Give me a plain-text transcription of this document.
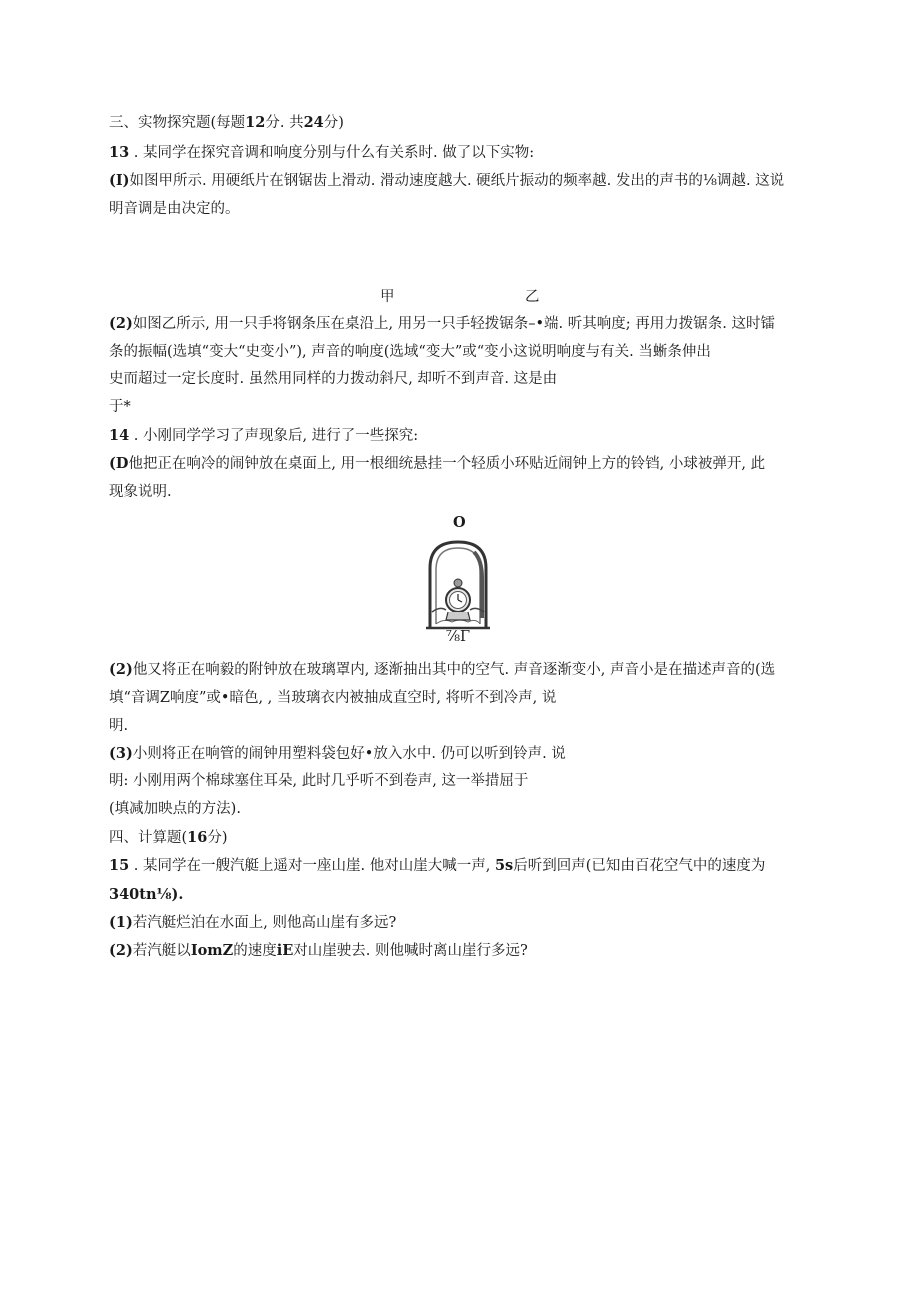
三、实物探究题(每题12分. 共24分)
13 . 某同学在探究音调和响度分别与什么有关系时. 做了以下实物:
(I)如图甲所示. 用硬纸片在钢锯齿上滑动. 滑动速度越大. 硬纸片振动的频率越. 发出的声书的⅛调越. 这说
明音调是由决定的。
甲	乙
(2)如图乙所示, 用一只手将钢条压在桌沿上, 用另一只手轻拨锯条–•端. 听其响度; 再用力拨锯条. 这时镭
条的振幅(选填“变大“史变小”), 声音的响度(选域“变大”或“变小这说明响度与有关. 当蜥条伸出
史而超过一定长度时. 虽然用同样的力拨动斜尺, 却听不到声音. 这是由
于*
14 . 小刚同学学习了声现象后, 进行了一些探究:
(D他把正在响冷的闹钟放在桌面上, 用一根细统悬挂一个轻质小环贴近闹钟上方的铃铛, 小球被弹开, 此
现象说明.
O
⅞Γ
(2)他又将正在响毅的附钟放在玻璃罩内, 逐渐抽出其中的空气. 声音逐渐变小, 声音小是在描述声音的(选
填“音调Z响度”或•暗色, , 当玻璃衣内被抽成直空时, 将听不到冷声, 说
明.
(3)小则将正在响管的闹钟用塑料袋包好•放入水中. 仍可以听到铃声. 说
明: 小刚用两个棉球塞住耳朵, 此时几乎听不到卷声, 这一举措屈于
(填减加映点的方法).
四、计算题(16分)
15 . 某同学在一艘汽艇上遥对一座山崖. 他对山崖大喊一声, 5s后听到回声(已知由百花空气中的速度为
340tn⅛).
(1)若汽艇烂泊在水面上, 则他高山崖有多远?
(2)若汽艇以IomZ的速度iE对山崖驶去. 则他喊时离山崖行多远?
